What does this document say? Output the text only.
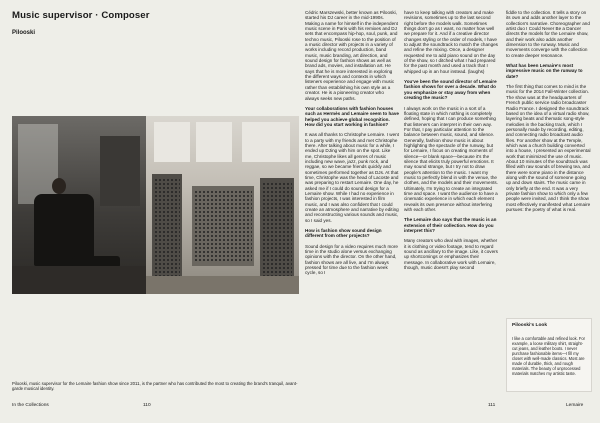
Music supervisor · Composer
Pilooski
Pilooski, music supervisor for the Lemaire fashion show since 2011, is the partner who has contributed the most to creating the brand's tranquil, avant-garde musical identity.

Cédric Marszewski, better known as Pilooski, started his DJ career in the mid-1990s. Making a name for himself in the independent music scene in Paris with his remixes and DJ sets that encompass hip-hop, soul, punk, and techno music, Pilooski rose to the position of a music director with projects in a variety of works including record production, band music, music branding, art direction, and sound design for fashion shows as well as brand ads, movies, and installation art. He says that he is more interested in exploring the different ways and contexts in which listeners experience and engage with music rather than establishing his own style as a creator. He is a pioneering creator who always seeks new paths.

Your collaborations with fashion houses such as Hermès and Lemaire seem to have helped you achieve global recognition. How did you start working in fashion?

It was all thanks to Christophe Lemaire. I went to a party with my friends and met Christophe there. After talking about music for a while, I ended up DJing with him on the spot. Like me, Christophe likes all genres of music including new wave, jazz, punk rock, and reggae, so we became friends quickly and sometimes performed together as DJs. At that time, Christophe was the head of Lacoste and was preparing to restart Lemaire. One day, he asked me if I could do sound design for a Lemaire show. While I had no experience in fashion projects, I was interested in film music, and I was also confident that I could create an atmosphere and narrative by editing and reconstructing various sounds and music, so I said yes.

How is fashion show sound design different from other projects?

Sound design for a video requires much more time in the studio alone versus exchanging opinions with the director. On the other hand, fashion shows are all live, and I'm always pressed for time due to the fashion week cycle, so I

have to keep talking with creators and make revisions, sometimes up to the last second right before the models walk. Sometimes things don't go as I want, no matter how well we prepare for it. And if a creative director changes styling or the order of models, I have to adjust the soundtrack to match the changes and refine the mixing. Once, a designer requested me to add piano sound on the day of the show, so I ditched what I had prepared for the past month and used a track that I whipped up in an hour instead. (laughs)

You've been the sound director of Lemaire fashion shows for over a decade. What do you emphasize or stay away from when creating the music?

I always work on the music in a sort of a floating state in which nothing is completely defined, hoping that I can produce something that listeners can interpret in their own way. For that, I pay particular attention to the balance between music, sound, and silence. Generally, fashion show music is about highlighting the spectacle of the runway, but for Lemaire, I focus on creating moments of silence—or blank space—because it's the silence that elicits truly powerful emotions. It may sound strange, but I try not to draw people's attention to the music. I want my music to perfectly blend in with the venue, the clothes, and the models and their movements. Ultimately, I'm trying to create an integrated time and space. I want the audience to have a cinematic experience in which each element reveals its own presence without interfering with each other.

The Lemaire duo says that the music is an extension of their collection. How do you interpret this?

Many creators who deal with images, whether it is clothing or video footage, tend to regard sound as ancillary to the image. Like, it covers up shortcomings or emphasizes their message. In collaborative work with Lemaire, though, music doesn't play second

fiddle to the collection. It tells a story on its own and adds another layer to the collection's narrative. Choreographer and artist duo I Could Never Be a Dancer directs the models for the Lemaire show, and their work also adds another dimension to the runway. Music and movements converge with the collection to create deeper resonance.

What has been Lemaire's most impressive music on the runway to date?

The first thing that comes to mind is the music for the 2014 Fall-Winter collection. The show was at the headquarters of French public service radio broadcaster Radio France. I designed the soundtrack based on the idea of a virtual radio show, layering beats and thematic song-style melodies in the backing track, which I personally made by recording, editing, and connecting radio broadcast audio files. For another show at the Temple, which was a church building converted into a house, I presented an experimental work that minimized the use of music. About 10 minutes of the soundtrack was filled with raw sounds of brewing tea, and there were some piano in the distance along with the sound of someone going up and down stairs. The music came in only briefly at the end. It was a very private fashion show to which only a few people were invited, and I think the show most effectively manifested what Lemaire pursues: the poetry of what is real.

Pilooski's Look
I like a comfortable and refined look. For example, a loose military shirt, straight-cut jeans, and leather boots. I never purchase fashionable items—I fill my closet with well-made classics. Most are made of durable, thick, and rough materials. The beauty of unprocessed materials matches my artistic taste.
In the Collections	110	111	Lemaire
